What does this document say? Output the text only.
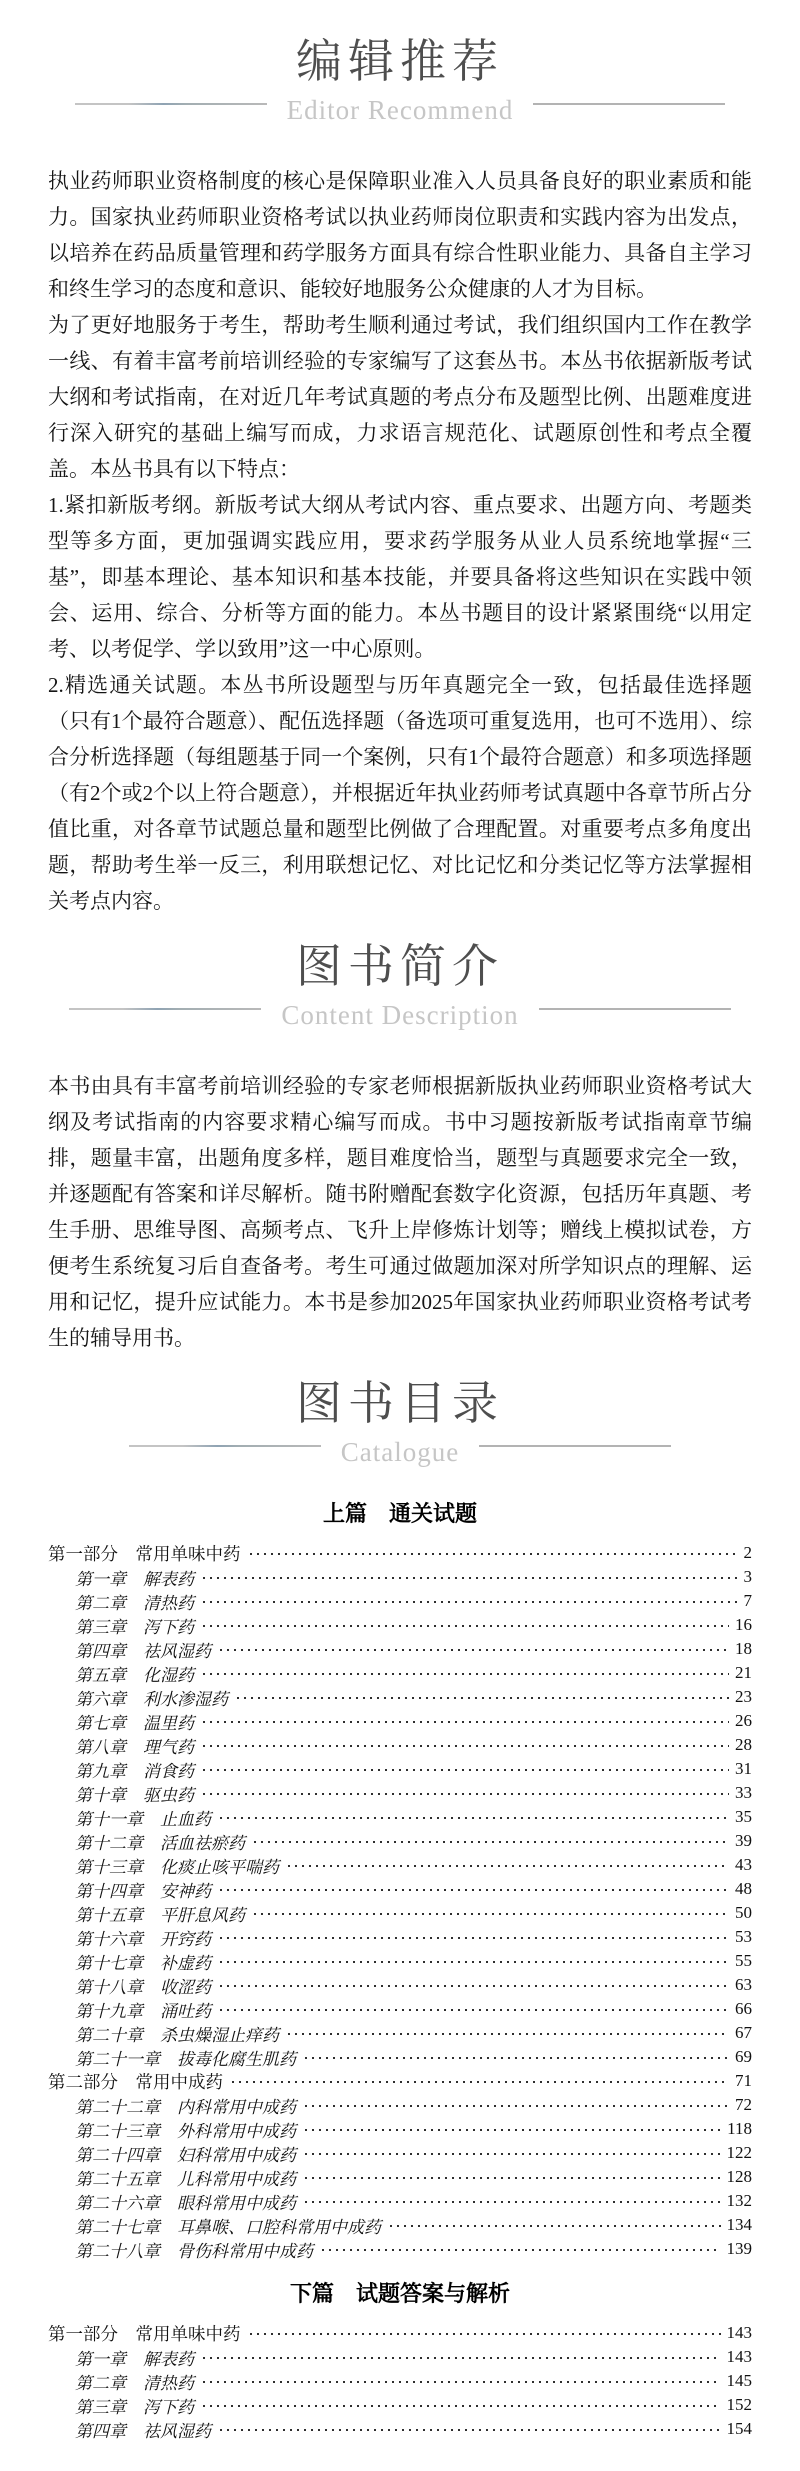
编辑推荐
Editor Recommend

执业药师职业资格制度的核心是保障职业准入人员具备良好的职业素质和能力。国家执业药师职业资格考试以执业药师岗位职责和实践内容为出发点，以培养在药品质量管理和药学服务方面具有综合性职业能力、具备自主学习和终生学习的态度和意识、能较好地服务公众健康的人才为目标。

为了更好地服务于考生，帮助考生顺利通过考试，我们组织国内工作在教学一线、有着丰富考前培训经验的专家编写了这套丛书。本丛书依据新版考试大纲和考试指南，在对近几年考试真题的考点分布及题型比例、出题难度进行深入研究的基础上编写而成，力求语言规范化、试题原创性和考点全覆盖。本丛书具有以下特点：

1.紧扣新版考纲。新版考试大纲从考试内容、重点要求、出题方向、考题类型等多方面，更加强调实践应用，要求药学服务从业人员系统地掌握“三基”，即基本理论、基本知识和基本技能，并要具备将这些知识在实践中领会、运用、综合、分析等方面的能力。本丛书题目的设计紧紧围绕“以用定考、以考促学、学以致用”这一中心原则。

2.精选通关试题。本丛书所设题型与历年真题完全一致，包括最佳选择题（只有1个最符合题意）、配伍选择题（备选项可重复选用，也可不选用）、综合分析选择题（每组题基于同一个案例，只有1个最符合题意）和多项选择题（有2个或2个以上符合题意），并根据近年执业药师考试真题中各章节所占分值比重，对各章节试题总量和题型比例做了合理配置。对重要考点多角度出题，帮助考生举一反三，利用联想记忆、对比记忆和分类记忆等方法掌握相关考点内容。

图书简介
Content Description

本书由具有丰富考前培训经验的专家老师根据新版执业药师职业资格考试大纲及考试指南的内容要求精心编写而成。书中习题按新版考试指南章节编排，题量丰富，出题角度多样，题目难度恰当，题型与真题要求完全一致，并逐题配有答案和详尽解析。随书附赠配套数字化资源，包括历年真题、考生手册、思维导图、高频考点、飞升上岸修炼计划等；赠线上模拟试卷，方便考生系统复习后自查备考。考生可通过做题加深对所学知识点的理解、运用和记忆，提升应试能力。本书是参加2025年国家执业药师职业资格考试考生的辅导用书。

图书目录
Catalogue
上篇　通关试题
第一部分　常用单味中药	2
第一章　解表药	3
第二章　清热药	7
第三章　泻下药	16
第四章　祛风湿药	18
第五章　化湿药	21
第六章　利水渗湿药	23
第七章　温里药	26
第八章　理气药	28
第九章　消食药	31
第十章　驱虫药	33
第十一章　止血药	35
第十二章　活血祛瘀药	39
第十三章　化痰止咳平喘药	43
第十四章　安神药	48
第十五章　平肝息风药	50
第十六章　开窍药	53
第十七章　补虚药	55
第十八章　收涩药	63
第十九章　涌吐药	66
第二十章　杀虫燥湿止痒药	67
第二十一章　拔毒化腐生肌药	69
第二部分　常用中成药	71
第二十二章　内科常用中成药	72
第二十三章　外科常用中成药	118
第二十四章　妇科常用中成药	122
第二十五章　儿科常用中成药	128
第二十六章　眼科常用中成药	132
第二十七章　耳鼻喉、口腔科常用中成药	134
第二十八章　骨伤科常用中成药	139
下篇　试题答案与解析
第一部分　常用单味中药	143
第一章　解表药	143
第二章　清热药	145
第三章　泻下药	152
第四章　祛风湿药	154
